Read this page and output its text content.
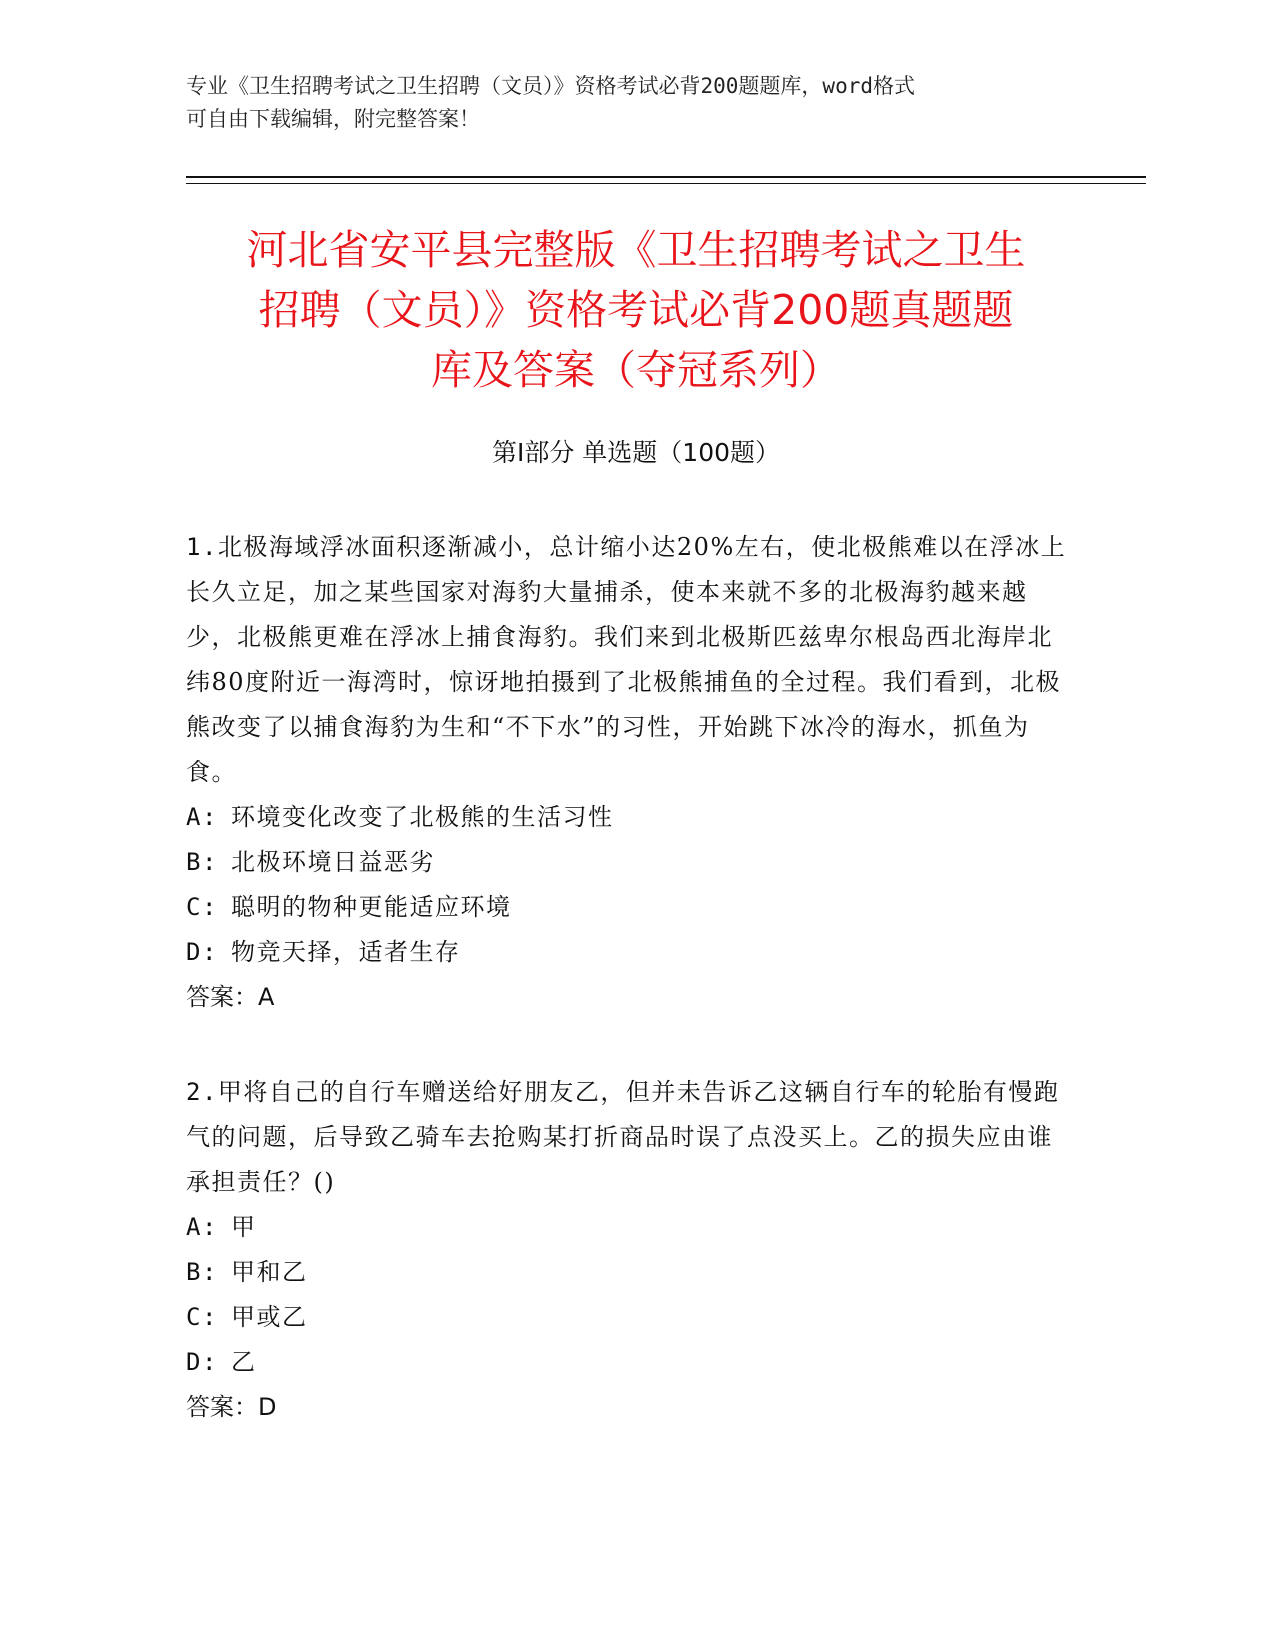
专业《卫生招聘考试之卫生招聘（文员）》资格考试必背200题题库，word格式
可自由下载编辑，附完整答案！
河北省安平县完整版《卫生招聘考试之卫生
招聘（文员）》资格考试必背200题真题题
库及答案（夺冠系列）
第Ⅰ部分 单选题（100题）

1.北极海域浮冰面积逐渐减小，总计缩小达20%左右，使北极熊难以在浮冰上长久立足，加之某些国家对海豹大量捕杀，使本来就不多的北极海豹越来越少，北极熊更难在浮冰上捕食海豹。我们来到北极斯匹兹卑尔根岛西北海岸北纬80度附近一海湾时，惊讶地拍摄到了北极熊捕鱼的全过程。我们看到，北极熊改变了以捕食海豹为生和“不下水”的习性，开始跳下冰冷的海水，抓鱼为食。

A: 环境变化改变了北极熊的生活习性

B: 北极环境日益恶劣

C: 聪明的物种更能适应环境

D: 物竞天择，适者生存

答案：A

2.甲将自己的自行车赠送给好朋友乙，但并未告诉乙这辆自行车的轮胎有慢跑气的问题，后导致乙骑车去抢购某打折商品时误了点没买上。乙的损失应由谁承担责任？()

A: 甲

B: 甲和乙

C: 甲或乙

D: 乙

答案：D
